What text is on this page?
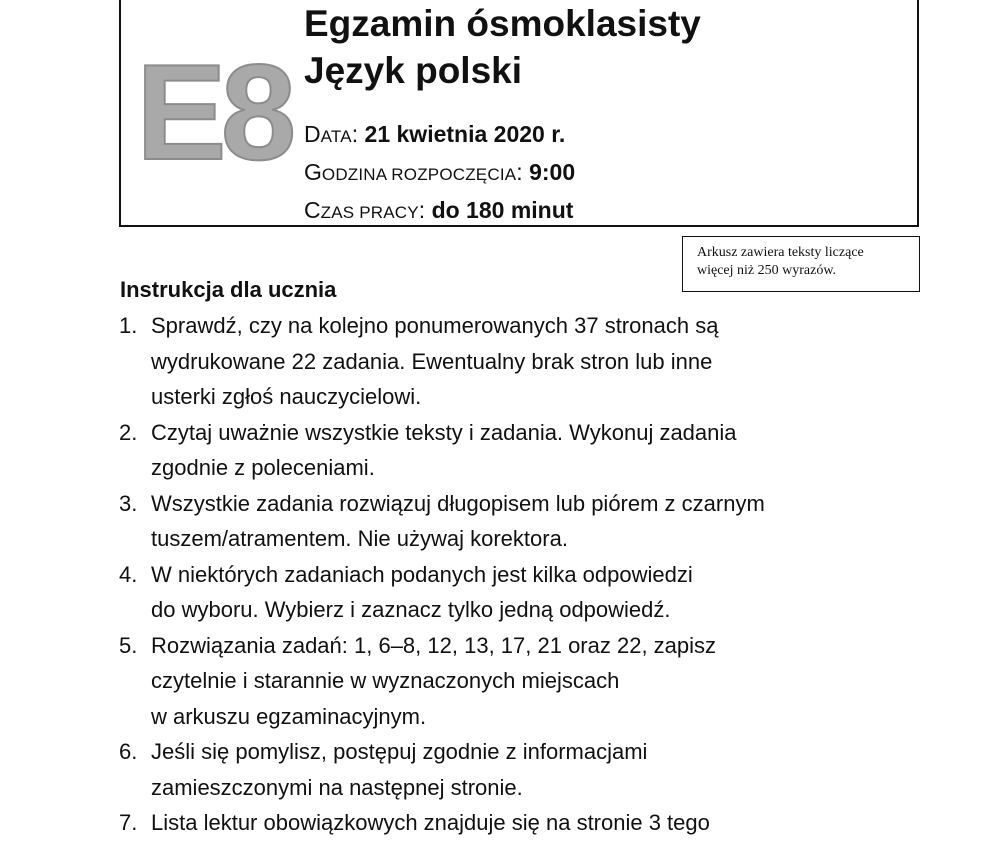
E8
Egzamin ósmoklasisty
Język polski
DATA: 21 kwietnia 2020 r.
GODZINA ROZPOCZĘCIA: 9:00
CZAS PRACY: do 180 minut
Arkusz zawiera teksty liczące
więcej niż 250 wyrazów.
Instrukcja dla ucznia
1. Sprawdź, czy na kolejno ponumerowanych 37 stronach są
wydrukowane 22 zadania. Ewentualny brak stron lub inne
usterki zgłoś nauczycielowi.
2. Czytaj uważnie wszystkie teksty i zadania. Wykonuj zadania
zgodnie z poleceniami.
3. Wszystkie zadania rozwiązuj długopisem lub piórem z czarnym
tuszem/atramentem. Nie używaj korektora.
4. W niektórych zadaniach podanych jest kilka odpowiedzi
do wyboru. Wybierz i zaznacz tylko jedną odpowiedź.
5. Rozwiązania zadań: 1, 6–8, 12, 13, 17, 21 oraz 22, zapisz
czytelnie i starannie w wyznaczonych miejscach
w arkuszu egzaminacyjnym.
6. Jeśli się pomylisz, postępuj zgodnie z informacjami
zamieszczonymi na następnej stronie.
7. Lista lektur obowiązkowych znajduje się na stronie 3 tego
